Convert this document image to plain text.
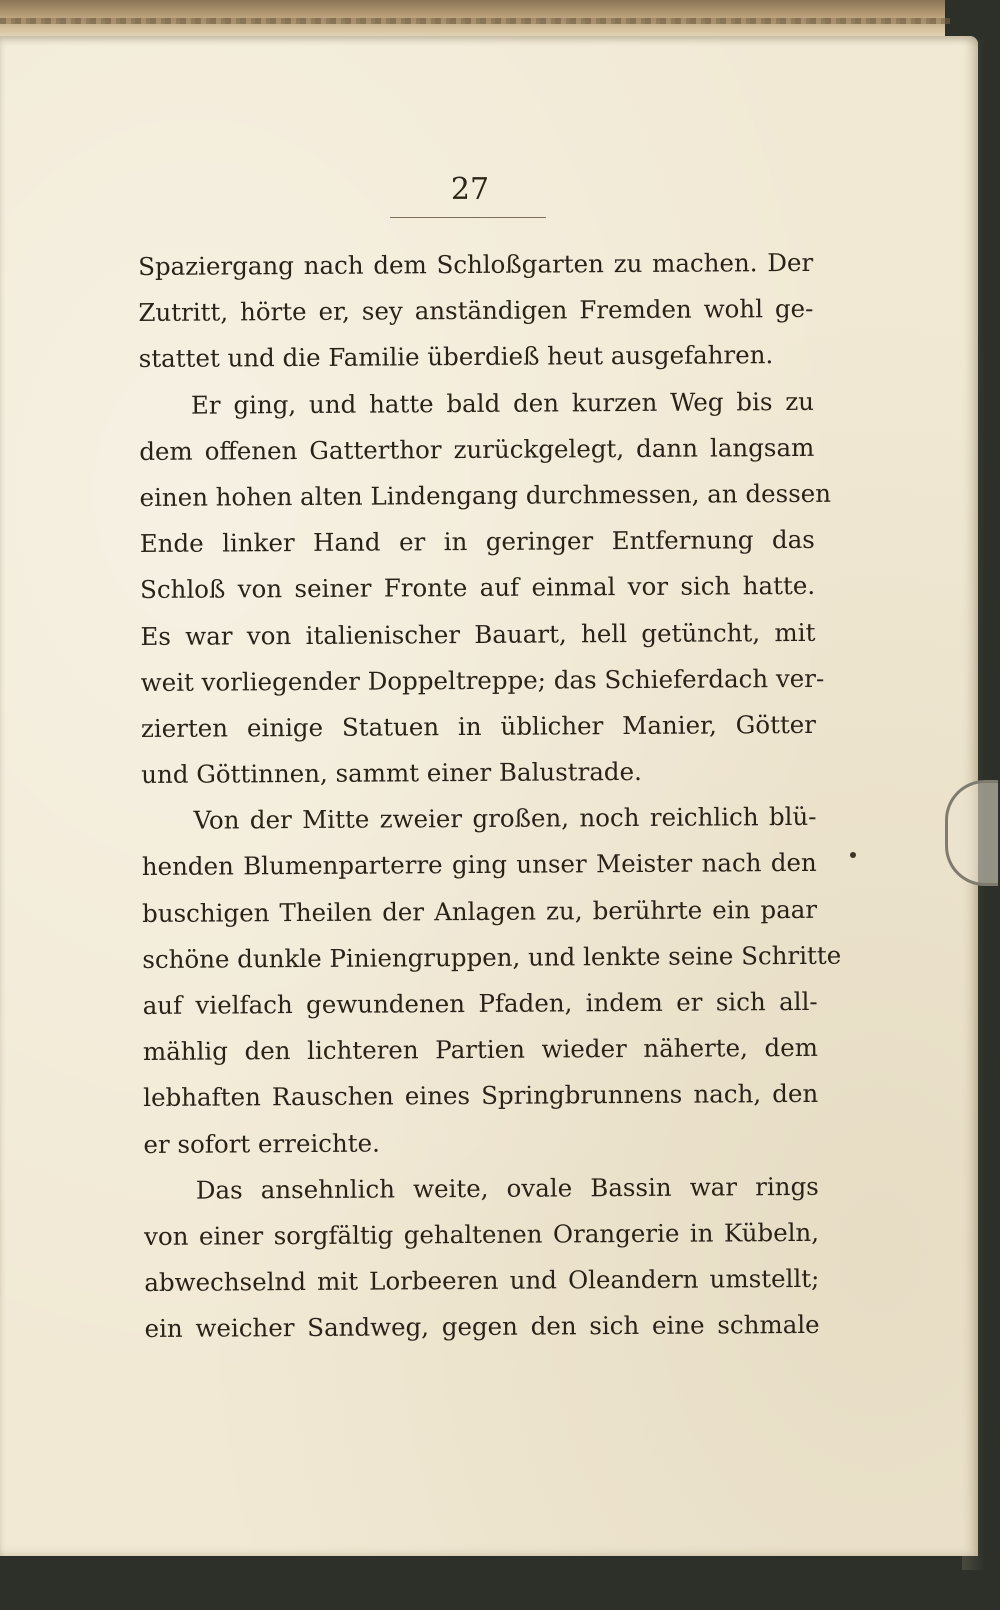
27
Spaziergang nach dem Schloßgarten zu machen. Der
Zutritt, hörte er, sey anständigen Fremden wohl ge-
stattet und die Familie überdieß heut ausgefahren.
Er ging, und hatte bald den kurzen Weg bis zu
dem offenen Gatterthor zurückgelegt, dann langsam
einen hohen alten Lindengang durchmessen, an dessen
Ende linker Hand er in geringer Entfernung das
Schloß von seiner Fronte auf einmal vor sich hatte.
Es war von italienischer Bauart, hell getüncht, mit
weit vorliegender Doppeltreppe; das Schieferdach ver-
zierten einige Statuen in üblicher Manier, Götter
und Göttinnen, sammt einer Balustrade.
Von der Mitte zweier großen, noch reichlich blü-
henden Blumenparterre ging unser Meister nach den
buschigen Theilen der Anlagen zu, berührte ein paar
schöne dunkle Piniengruppen, und lenkte seine Schritte
auf vielfach gewundenen Pfaden, indem er sich all-
mählig den lichteren Partien wieder näherte, dem
lebhaften Rauschen eines Springbrunnens nach, den
er sofort erreichte.
Das ansehnlich weite, ovale Bassin war rings
von einer sorgfältig gehaltenen Orangerie in Kübeln,
abwechselnd mit Lorbeeren und Oleandern umstellt;
ein weicher Sandweg, gegen den sich eine schmale
